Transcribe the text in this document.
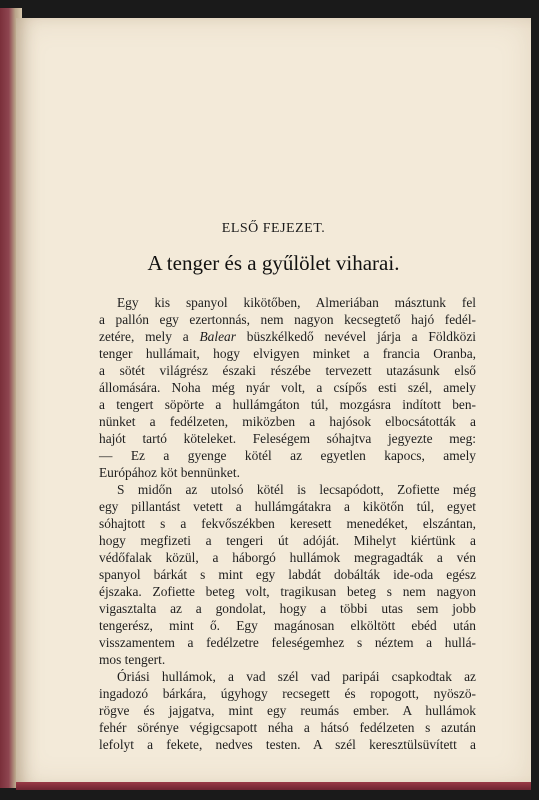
ELSŐ FEJEZET.
A tenger és a gyűlölet viharai.
Egy kis spanyol kikötőben, Almeriában másztunk fel
a pallón egy ezertonnás, nem nagyon kecsegtető hajó fedél-
zetére, mely a Balear büszkélkedő nevével járja a Földközi
tenger hullámait, hogy elvigyen minket a francia Oranba,
a sötét világrész északi részébe tervezett utazásunk első
állomására. Noha még nyár volt, a csípős esti szél, amely
a tengert söpörte a hullámgáton túl, mozgásra indított ben-
nünket a fedélzeten, miközben a hajósok elbocsátották a
hajót tartó köteleket. Feleségem sóhajtva jegyezte meg:
— Ez a gyenge kötél az egyetlen kapocs, amely
Európához köt bennünket.
S midőn az utolsó kötél is lecsapódott, Zofiette még
egy pillantást vetett a hullámgátakra a kikötőn túl, egyet
sóhajtott s a fekvőszékben keresett menedéket, elszántan,
hogy megfizeti a tengeri út adóját. Mihelyt kiértünk a
védőfalak közül, a háborgó hullámok megragadták a vén
spanyol bárkát s mint egy labdát dobálták ide-oda egész
éjszaka. Zofiette beteg volt, tragikusan beteg s nem nagyon
vigasztalta az a gondolat, hogy a többi utas sem jobb
tengerész, mint ő. Egy magánosan elköltött ebéd után
visszamentem a fedélzetre feleségemhez s néztem a hullá-
mos tengert.
Óriási hullámok, a vad szél vad paripái csapkodtak az
ingadozó bárkára, úgyhogy recsegett és ropogott, nyöszö-
rögve és jajgatva, mint egy reumás ember. A hullámok
fehér sörénye végigcsapott néha a hátsó fedélzeten s azután
lefolyt a fekete, nedves testen. A szél keresztülsüvített a
